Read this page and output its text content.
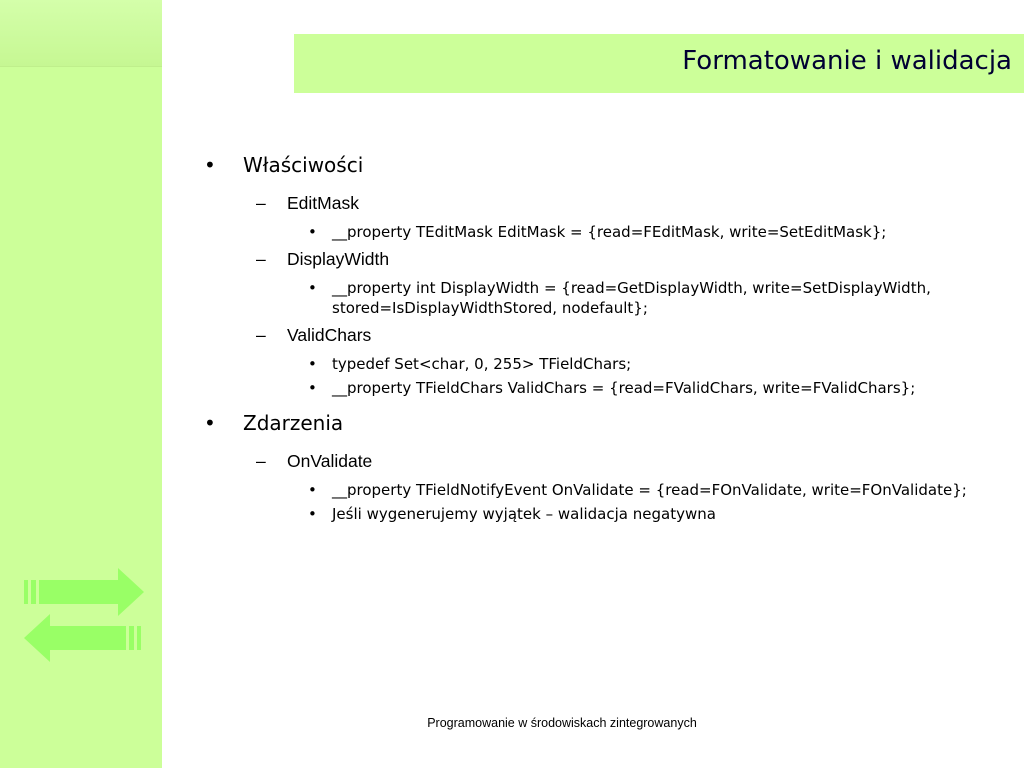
Formatowanie i walidacja
• Właściwości
– EditMask
• __property TEditMask EditMask = {read=FEditMask, write=SetEditMask};
– DisplayWidth
• __property int DisplayWidth = {read=GetDisplayWidth, write=SetDisplayWidth, stored=IsDisplayWidthStored, nodefault};
– ValidChars
• typedef Set<char, 0, 255> TFieldChars;
• __property TFieldChars ValidChars = {read=FValidChars, write=FValidChars};
• Zdarzenia
– OnValidate
• __property TFieldNotifyEvent OnValidate = {read=FOnValidate, write=FOnValidate};
• Jeśli wygenerujemy wyjątek – walidacja negatywna
Programowanie w środowiskach zintegrowanych
